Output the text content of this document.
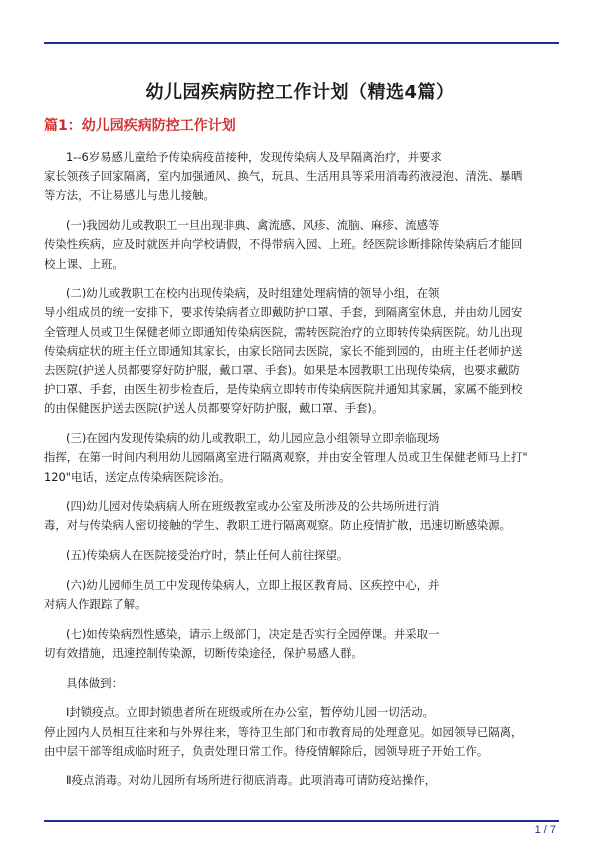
幼儿园疾病防控工作计划（精选4篇）
篇1：幼儿园疾病防控工作计划

1--6岁易感儿童给予传染病疫苗接种，发现传染病人及早隔离治疗，并要求
家长领孩子回家隔离，室内加强通风、换气，玩具、生活用具等采用消毒药液浸泡、清洗、暴晒
等方法，不让易感儿与患儿接触。

(一)我园幼儿或教职工一旦出现非典、禽流感、风疹、流脑、麻疹、流感等
传染性疾病，应及时就医并向学校请假，不得带病入园、上班。经医院诊断排除传染病后才能回
校上课、上班。

(二)幼儿或教职工在校内出现传染病，及时组建处理病情的领导小组，在领
导小组成员的统一安排下，要求传染病者立即戴防护口罩、手套，到隔离室休息，并由幼儿园安
全管理人员或卫生保健老师立即通知传染病医院，需转医院治疗的立即转传染病医院。幼儿出现
传染病症状的班主任立即通知其家长，由家长陪同去医院，家长不能到园的，由班主任老师护送
去医院(护送人员都要穿好防护服，戴口罩、手套)。如果是本园教职工出现传染病，也要求戴防
护口罩、手套，由医生初步检查后，是传染病立即转市传染病医院并通知其家属，家属不能到校
的由保健医护送去医院(护送人员都要穿好防护服，戴口罩、手套)。

(三)在园内发现传染病的幼儿或教职工，幼儿园应急小组领导立即亲临现场
指挥，在第一时间内利用幼儿园隔离室进行隔离观察，并由安全管理人员或卫生保健老师马上打"
120"电话，送定点传染病医院诊治。

(四)幼儿园对传染病病人所在班级教室或办公室及所涉及的公共场所进行消
毒，对与传染病人密切接触的学生、教职工进行隔离观察。防止疫情扩散，迅速切断感染源。

(五)传染病人在医院接受治疗时，禁止任何人前往探望。

(六)幼儿园师生员工中发现传染病人，立即上报区教育局、区疾控中心，并
对病人作跟踪了解。

(七)如传染病烈性感染，请示上级部门，决定是否实行全园停课。并采取一
切有效措施，迅速控制传染源，切断传染途径，保护易感人群。

具体做到：

Ⅰ封锁疫点。立即封锁患者所在班级或所在办公室，暂停幼儿园一切活动。
停止园内人员相互往来和与外界往来，等待卫生部门和市教育局的处理意见。如园领导已隔离，
由中层干部等组成临时班子，负责处理日常工作。待疫情解除后，园领导班子开始工作。

Ⅱ疫点消毒。对幼儿园所有场所进行彻底消毒。此项消毒可请防疫站操作，

1 / 7
